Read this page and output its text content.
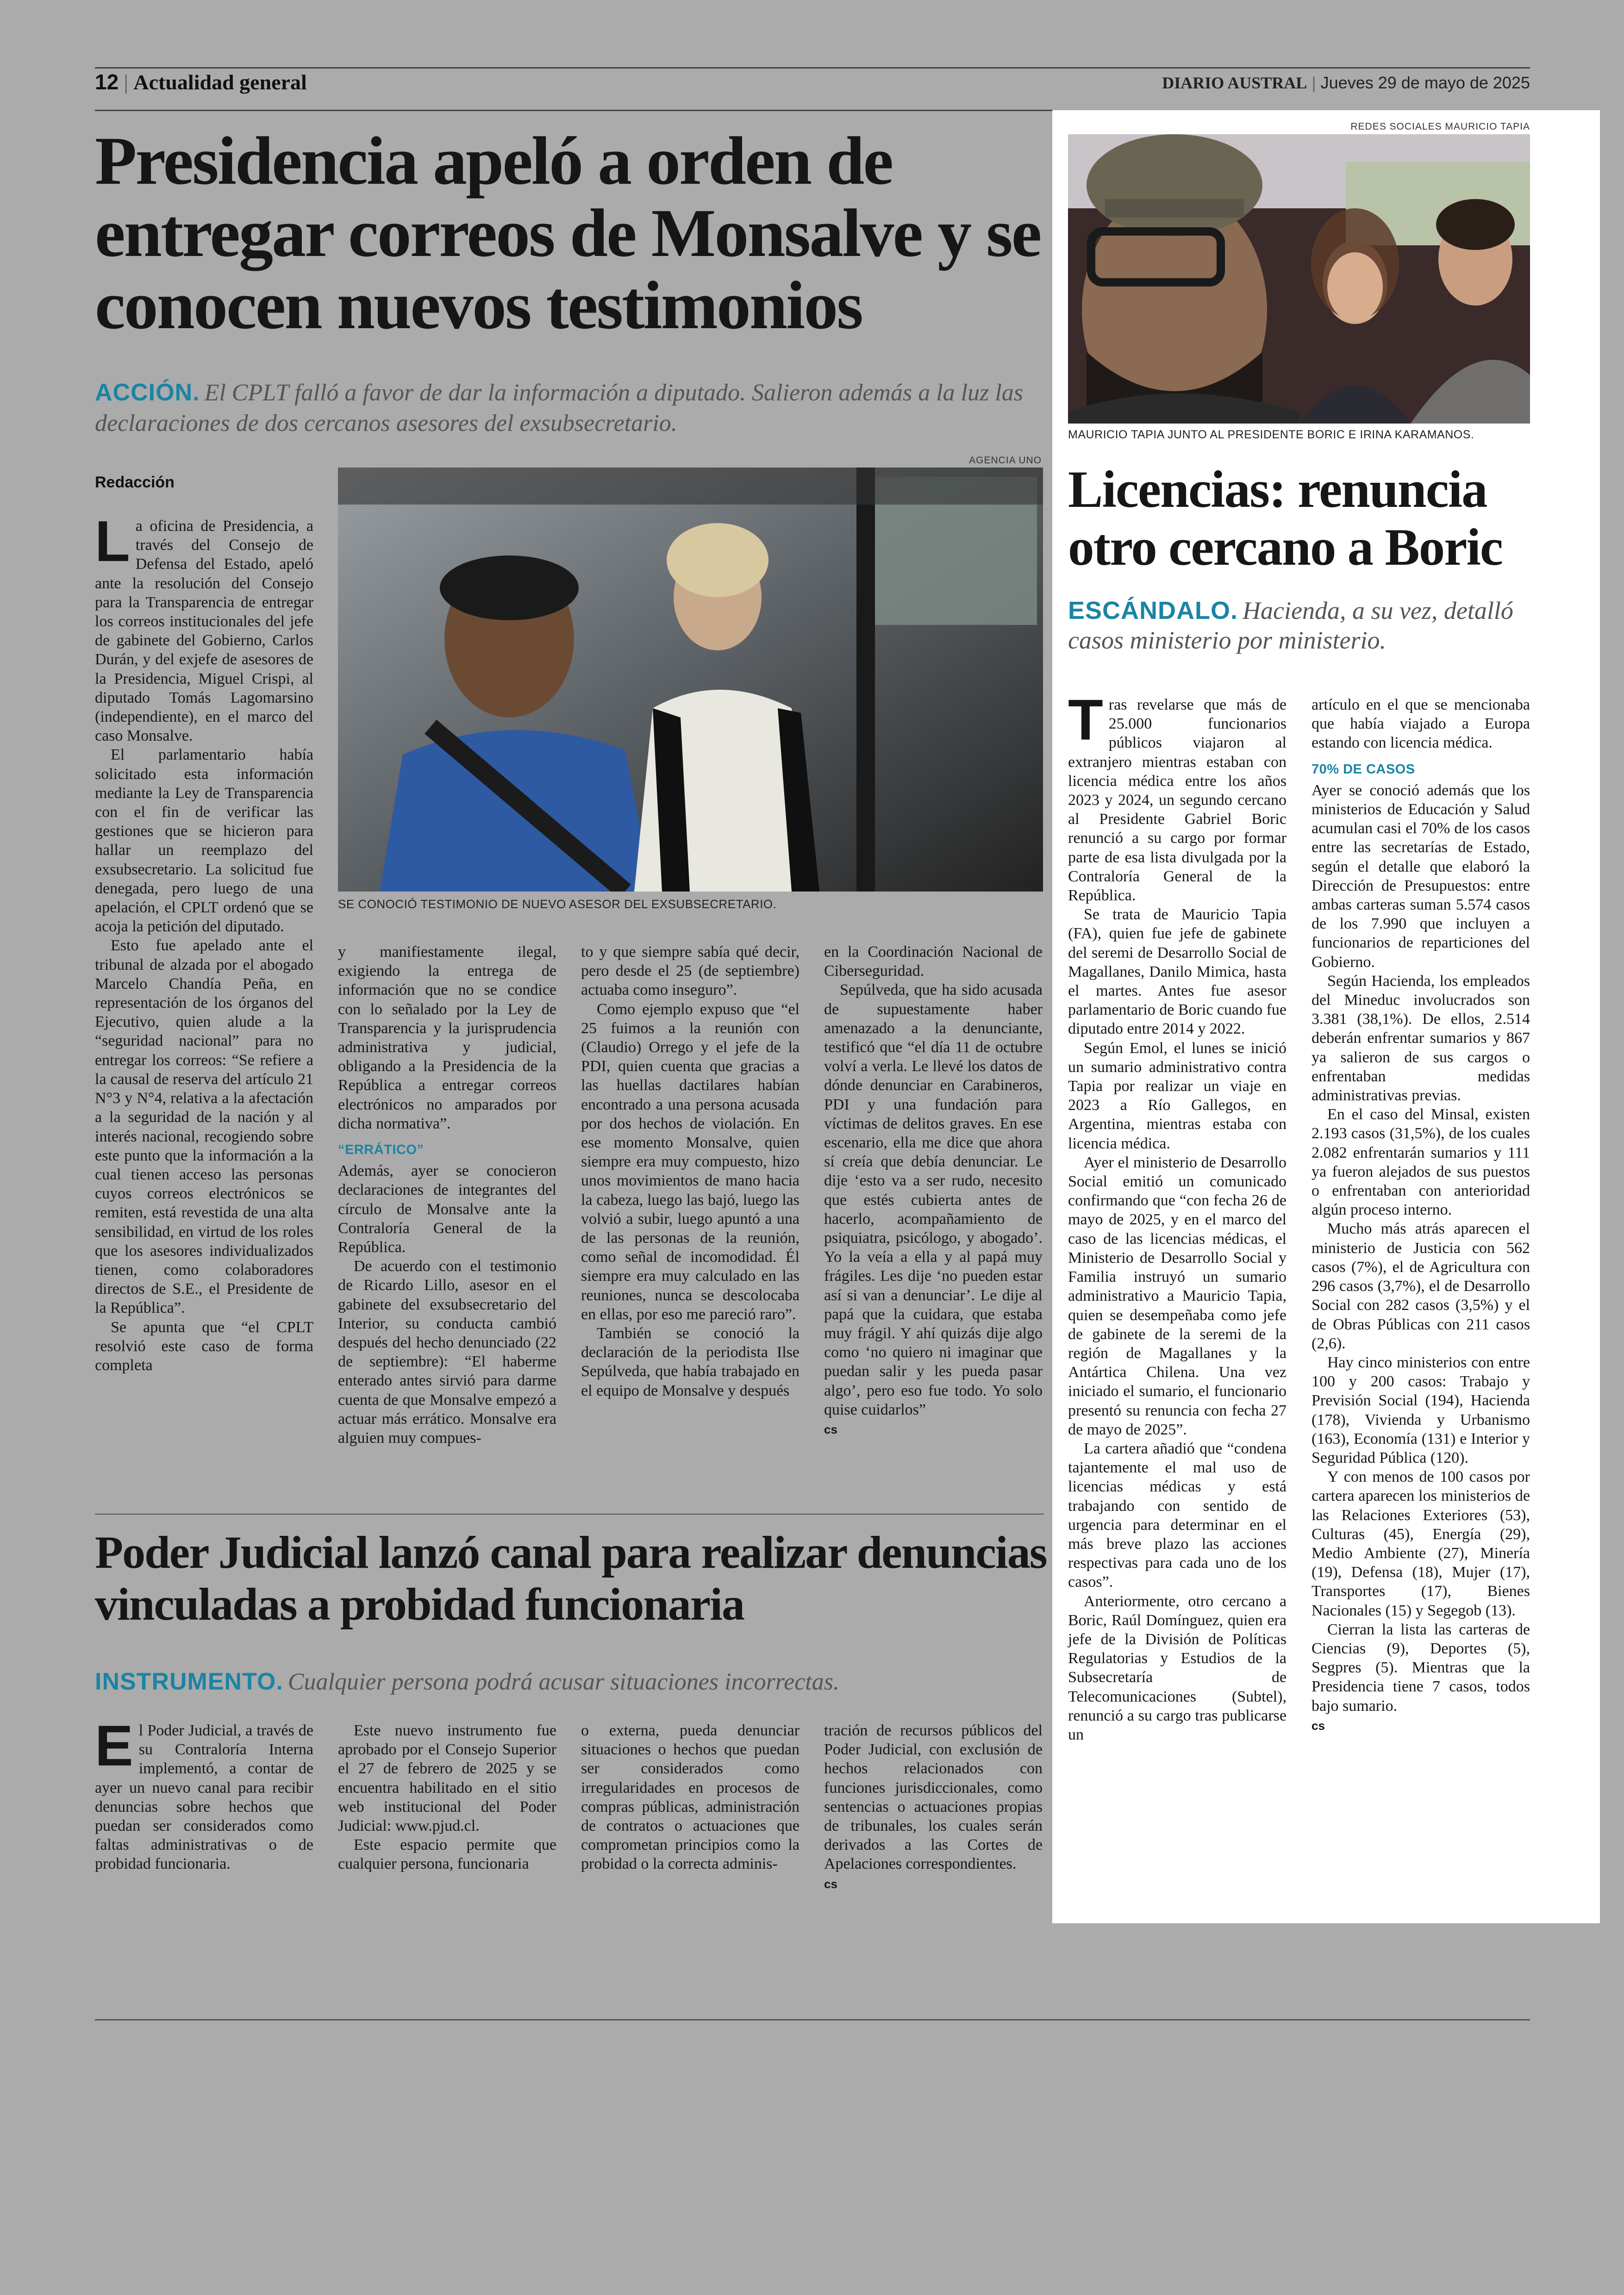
12 | Actualidad general	DIARIO AUSTRAL | Jueves 29 de mayo de 2025
Presidencia apeló a orden de entregar correos de Monsalve y se conocen nuevos testimonios
ACCIÓN. El CPLT falló a favor de dar la información a diputado. Salieron además a la luz las declaraciones de dos cercanos asesores del exsubsecretario.
Redacción
AGENCIA UNO
SE CONOCIÓ TESTIMONIO DE NUEVO ASESOR DEL EXSUBSECRETARIO.

La oficina de Presidencia, a través del Consejo de Defensa del Estado, apeló ante la resolución del Consejo para la Transparencia de entregar los correos institucionales del jefe de gabinete del Gobierno, Carlos Durán, y del exjefe de asesores de la Presidencia, Miguel Crispi, al diputado Tomás Lagomarsino (independiente), en el marco del caso Monsalve.

El parlamentario había solicitado esta información mediante la Ley de Transparencia con el fin de verificar las gestiones que se hicieron para hallar un reemplazo del exsubsecretario. La solicitud fue denegada, pero luego de una apelación, el CPLT ordenó que se acoja la petición del diputado.

Esto fue apelado ante el tribunal de alzada por el abogado Marcelo Chandía Peña, en representación de los órganos del Ejecutivo, quien alude a la “seguridad nacional” para no entregar los correos: “Se refiere a la causal de reserva del artículo 21 N°3 y N°4, relativa a la afectación a la seguridad de la nación y al interés nacional, recogiendo sobre este punto que la información a la cual tienen acceso las personas cuyos correos electrónicos se remiten, está revestida de una alta sensibilidad, en virtud de los roles que los asesores individualizados tienen, como colaboradores directos de S.E., el Presidente de la República”.

Se apunta que “el CPLT resolvió este caso de forma completa

y manifiestamente ilegal, exigiendo la entrega de información que no se condice con lo señalado por la Ley de Transparencia y la jurisprudencia administrativa y judicial, obligando a la Presidencia de la República a entregar correos electrónicos no amparados por dicha normativa”.

“ERRÁTICO”

Además, ayer se conocieron declaraciones de integrantes del círculo de Monsalve ante la Contraloría General de la República.

De acuerdo con el testimonio de Ricardo Lillo, asesor en el gabinete del exsubsecretario del Interior, su conducta cambió después del hecho denunciado (22 de septiembre): “El haberme enterado antes sirvió para darme cuenta de que Monsalve empezó a actuar más errático. Monsalve era alguien muy compues-

to y que siempre sabía qué decir, pero desde el 25 (de septiembre) actuaba como inseguro”.

Como ejemplo expuso que “el 25 fuimos a la reunión con (Claudio) Orrego y el jefe de la PDI, quien cuenta que gracias a las huellas dactilares habían encontrado a una persona acusada por dos hechos de violación. En ese momento Monsalve, quien siempre era muy compuesto, hizo unos movimientos de mano hacia la cabeza, luego las bajó, luego las volvió a subir, luego apuntó a una de las personas de la reunión, como señal de incomodidad. Él siempre era muy calculado en las reuniones, nunca se descolocaba en ellas, por eso me pareció raro”.

También se conoció la declaración de la periodista Ilse Sepúlveda, que había trabajado en el equipo de Monsalve y después

en la Coordinación Nacional de Ciberseguridad.

Sepúlveda, que ha sido acusada de supuestamente haber amenazado a la denunciante, testificó que “el día 11 de octubre volví a verla. Le llevé los datos de dónde denunciar en Carabineros, PDI y una fundación para víctimas de delitos graves. En ese escenario, ella me dice que ahora sí creía que debía denunciar. Le dije ‘esto va a ser rudo, necesito que estés cubierta antes de hacerlo, acompañamiento de psiquiatra, psicólogo, y abogado’. Yo la veía a ella y al papá muy frágiles. Les dije ‘no pueden estar así si van a denunciar’. Le dije al papá que la cuidara, que estaba muy frágil. Y ahí quizás dije algo como ‘no quiero ni imaginar que puedan salir y les pueda pasar algo’, pero eso fue todo. Yo solo quise cuidarlos”

cs
Poder Judicial lanzó canal para realizar denuncias vinculadas a probidad funcionaria
INSTRUMENTO. Cualquier persona podrá acusar situaciones incorrectas.

El Poder Judicial, a través de su Contraloría Interna implementó, a contar de ayer un nuevo canal para recibir denuncias sobre hechos que puedan ser considerados como faltas administrativas o de probidad funcionaria.

Este nuevo instrumento fue aprobado por el Consejo Superior el 27 de febrero de 2025 y se encuentra habilitado en el sitio web institucional del Poder Judicial: www.pjud.cl.

Este espacio permite que cualquier persona, funcionaria

o externa, pueda denunciar situaciones o hechos que puedan ser considerados como irregularidades en procesos de compras públicas, administración de contratos o actuaciones que comprometan principios como la probidad o la correcta adminis-

tración de recursos públicos del Poder Judicial, con exclusión de hechos relacionados con funciones jurisdiccionales, como sentencias o actuaciones propias de tribunales, los cuales serán derivados a las Cortes de Apelaciones correspondientes.

cs
REDES SOCIALES MAURICIO TAPIA
MAURICIO TAPIA JUNTO AL PRESIDENTE BORIC E IRINA KARAMANOS.
Licencias: renuncia otro cercano a Boric
ESCÁNDALO. Hacienda, a su vez, detalló casos ministerio por ministerio.

Tras revelarse que más de 25.000 funcionarios públicos viajaron al extranjero mientras estaban con licencia médica entre los años 2023 y 2024, un segundo cercano al Presidente Gabriel Boric renunció a su cargo por formar parte de esa lista divulgada por la Contraloría General de la República.

Se trata de Mauricio Tapia (FA), quien fue jefe de gabinete del seremi de Desarrollo Social de Magallanes, Danilo Mimica, hasta el martes. Antes fue asesor parlamentario de Boric cuando fue diputado entre 2014 y 2022.

Según Emol, el lunes se inició un sumario administrativo contra Tapia por realizar un viaje en 2023 a Río Gallegos, en Argentina, mientras estaba con licencia médica.

Ayer el ministerio de Desarrollo Social emitió un comunicado confirmando que “con fecha 26 de mayo de 2025, y en el marco del caso de las licencias médicas, el Ministerio de Desarrollo Social y Familia instruyó un sumario administrativo a Mauricio Tapia, quien se desempeñaba como jefe de gabinete de la seremi de la región de Magallanes y la Antártica Chilena. Una vez iniciado el sumario, el funcionario presentó su renuncia con fecha 27 de mayo de 2025”.

La cartera añadió que “condena tajantemente el mal uso de licencias médicas y está trabajando con sentido de urgencia para determinar en el más breve plazo las acciones respectivas para cada uno de los casos”.

Anteriormente, otro cercano a Boric, Raúl Domínguez, quien era jefe de la División de Políticas Regulatorias y Estudios de la Subsecretaría de Telecomunicaciones (Subtel), renunció a su cargo tras publicarse un

artículo en el que se mencionaba que había viajado a Europa estando con licencia médica.

70% DE CASOS

Ayer se conoció además que los ministerios de Educación y Salud acumulan casi el 70% de los casos entre las secretarías de Estado, según el detalle que elaboró la Dirección de Presupuestos: entre ambas carteras suman 5.574 casos de los 7.990 que incluyen a funcionarios de reparticiones del Gobierno.

Según Hacienda, los empleados del Mineduc involucrados son 3.381 (38,1%). De ellos, 2.514 deberán enfrentar sumarios y 867 ya salieron de sus cargos o enfrentaban medidas administrativas previas.

En el caso del Minsal, existen 2.193 casos (31,5%), de los cuales 2.082 enfrentarán sumarios y 111 ya fueron alejados de sus puestos o enfrentaban con anterioridad algún proceso interno.

Mucho más atrás aparecen el ministerio de Justicia con 562 casos (7%), el de Agricultura con 296 casos (3,7%), el de Desarrollo Social con 282 casos (3,5%) y el de Obras Públicas con 211 casos (2,6).

Hay cinco ministerios con entre 100 y 200 casos: Trabajo y Previsión Social (194), Hacienda (178), Vivienda y Urbanismo (163), Economía (131) e Interior y Seguridad Pública (120).

Y con menos de 100 casos por cartera aparecen los ministerios de las Relaciones Exteriores (53), Culturas (45), Energía (29), Medio Ambiente (27), Minería (19), Defensa (18), Mujer (17), Transportes (17), Bienes Nacionales (15) y Segegob (13).

Cierran la lista las carteras de Ciencias (9), Deportes (5), Segpres (5). Mientras que la Presidencia tiene 7 casos, todos bajo sumario.

cs
